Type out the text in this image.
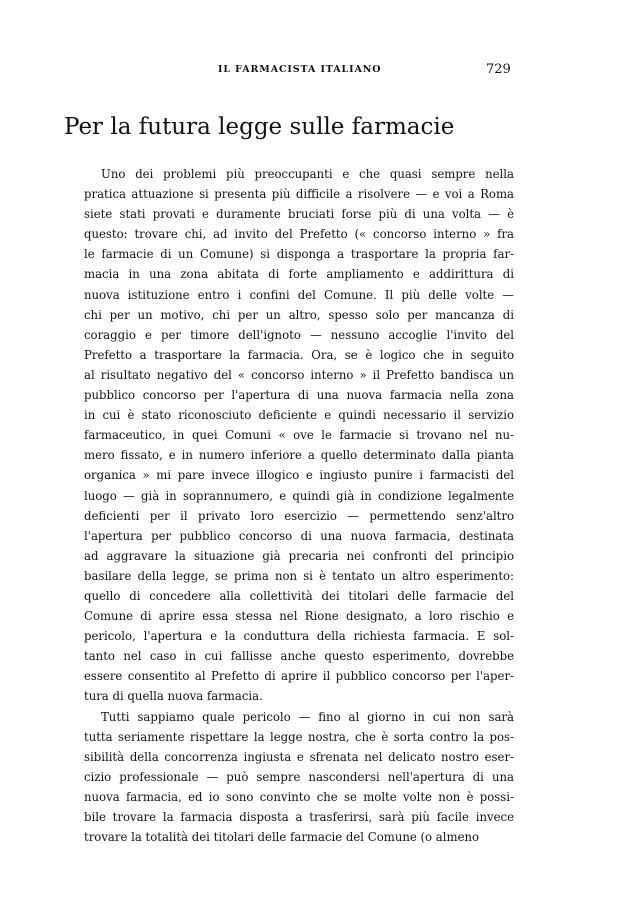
IL FARMACISTA ITALIANO	729
Per la futura legge sulle farmacie
Uno dei problemi più preoccupanti e che quasi sempre nella
pratica attuazione si presenta più difficile a risolvere — e voi a Roma
siete stati provati e duramente bruciati forse più di una volta — è
questo: trovare chi, ad invito del Prefetto (« concorso interno » fra
le farmacie di un Comune) si disponga a trasportare la propria far-
macia in una zona abitata di forte ampliamento e addirittura di
nuova istituzione entro i confini del Comune. Il più delle volte —
chi per un motivo, chi per un altro, spesso solo per mancanza di
coraggio e per timore dell'ignoto — nessuno accoglie l'invito del
Prefetto a trasportare la farmacia. Ora, se è logico che in seguito
al risultato negativo del « concorso interno » il Prefetto bandisca un
pubblico concorso per l'apertura di una nuova farmacia nella zona
in cui è stato riconosciuto deficiente e quindi necessario il servizio
farmaceutico, in quei Comuni « ove le farmacie si trovano nel nu-
mero fissato, e in numero inferiore a quello determinato dalla pianta
organica » mi pare invece illogico e ingiusto punire i farmacisti del
luogo — già in soprannumero, e quindi già in condizione legalmente
deficienti per il privato loro esercizio — permettendo senz'altro
l'apertura per pubblico concorso di una nuova farmacia, destinata
ad aggravare la situazione già precaria nei confronti del principio
basilare della legge, se prima non si è tentato un altro esperimento:
quello di concedere alla collettività dei titolari delle farmacie del
Comune di aprire essa stessa nel Rione designato, a loro rischio e
pericolo, l'apertura e la conduttura della richiesta farmacia. E sol-
tanto nel caso in cui fallisse anche questo esperimento, dovrebbe
essere consentito al Prefetto di aprire il pubblico concorso per l'aper-
tura di quella nuova farmacia.
Tutti sappiamo quale pericolo — fino al giorno in cui non sarà
tutta seriamente rispettare la legge nostra, che è sorta contro la pos-
sibilità della concorrenza ingiusta e sfrenata nel delicato nostro eser-
cizio professionale — può sempre nascondersi nell'apertura di una
nuova farmacia, ed io sono convinto che se molte volte non è possi-
bile trovare la farmacia disposta a trasferirsi, sarà più facile invece
trovare la totalità dei titolari delle farmacie del Comune (o almeno
